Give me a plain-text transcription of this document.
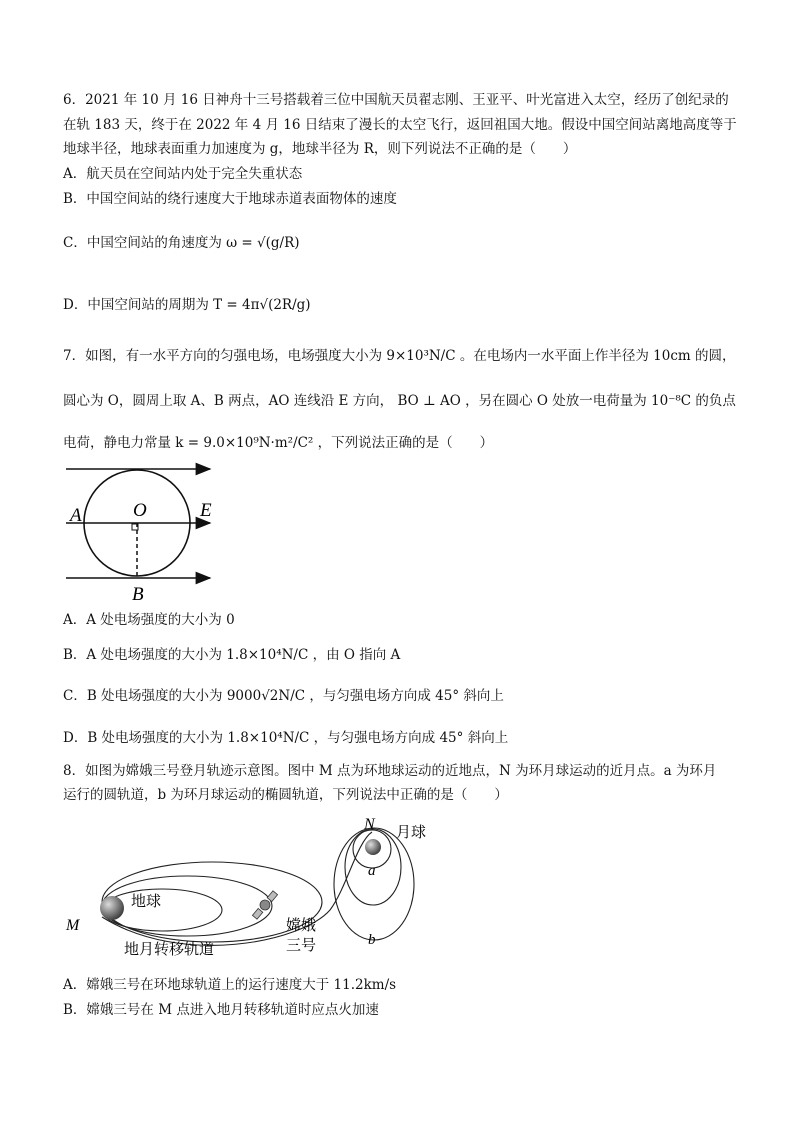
6．2021 年 10 月 16 日神舟十三号搭载着三位中国航天员翟志刚、王亚平、叶光富进入太空，经历了创纪录的
在轨 183 天，终于在 2022 年 4 月 16 日结束了漫长的太空飞行，返回祖国大地。假设中国空间站离地高度等于
地球半径，地球表面重力加速度为 g，地球半径为 R，则下列说法不正确的是（　　）
A．航天员在空间站内处于完全失重状态
B．中国空间站的绕行速度大于地球赤道表面物体的速度
C．中国空间站的角速度为 ω = √(g/R)
D．中国空间站的周期为 T = 4π√(2R/g)
7．如图，有一水平方向的匀强电场，电场强度大小为 9×10³N/C 。在电场内一水平面上作半径为 10cm 的圆，
圆心为 O，圆周上取 A、B 两点，AO 连线沿 E 方向， BO ⊥ AO ，另在圆心 O 处放一电荷量为 10⁻⁸C 的负点
电荷，静电力常量 k = 9.0×10⁹N·m²/C² ，下列说法正确的是（　　）
A	O	E
B
A．A 处电场强度的大小为 0
B．A 处电场强度的大小为 1.8×10⁴N/C ，由 O 指向 A
C．B 处电场强度的大小为 9000√2N/C ，与匀强电场方向成 45° 斜向上
D．B 处电场强度的大小为 1.8×10⁴N/C ，与匀强电场方向成 45° 斜向上
8．如图为嫦娥三号登月轨迹示意图。图中 M 点为环地球运动的近地点，N 为环月球运动的近月点。a 为环月
运行的圆轨道，b 为环月球运动的椭圆轨道，下列说法中正确的是（　　）
M
地球
地月转移轨道
嫦娥
三号
N 月球
a
b
A．嫦娥三号在环地球轨道上的运行速度大于 11.2km/s
B．嫦娥三号在 M 点进入地月转移轨道时应点火加速
